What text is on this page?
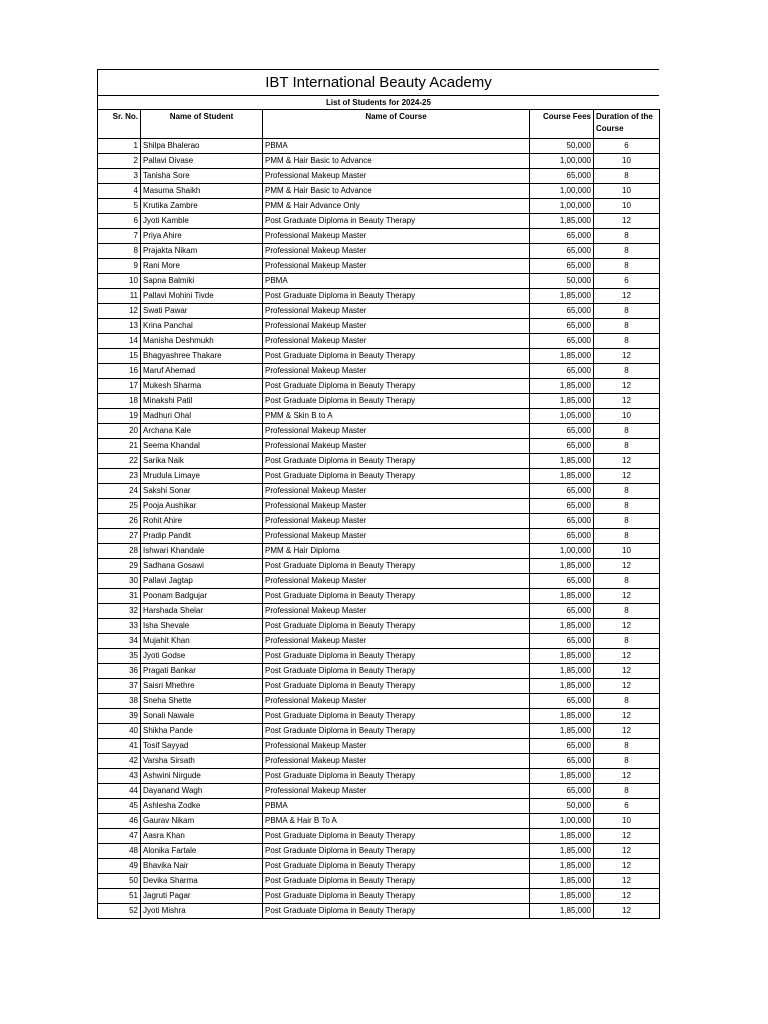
IBT International Beauty Academy
List of Students for 2024-25
Sr. No.	Name of Student	Name of Course	Course Fees	Duration of the Course
1	Shilpa Bhalerao	PBMA	50,000	6
2	Pallavi Divase	PMM & Hair Basic to Advance	1,00,000	10
3	Tanisha Sore	Professional Makeup Master	65,000	8
4	Masuma Shaikh	PMM & Hair Basic to Advance	1,00,000	10
5	Krutika Zambre	PMM & Hair Advance Only	1,00,000	10
6	Jyoti Kamble	Post Graduate Diploma in Beauty Therapy	1,85,000	12
7	Priya Ahire	Professional Makeup Master	65,000	8
8	Prajakta Nikam	Professional Makeup Master	65,000	8
9	Rani More	Professional Makeup Master	65,000	8
10	Sapna Balmiki	PBMA	50,000	6
11	Pallavi Mohini Tivde	Post Graduate Diploma in Beauty Therapy	1,85,000	12
12	Swati Pawar	Professional Makeup Master	65,000	8
13	Krina Panchal	Professional Makeup Master	65,000	8
14	Manisha Deshmukh	Professional Makeup Master	65,000	8
15	Bhagyashree Thakare	Post Graduate Diploma in Beauty Therapy	1,85,000	12
16	Maruf Ahemad	Professional Makeup Master	65,000	8
17	Mukesh Sharma	Post Graduate Diploma in Beauty Therapy	1,85,000	12
18	Minakshi Patil	Post Graduate Diploma in Beauty Therapy	1,85,000	12
19	Madhuri Ohal	PMM & Skin B to A	1,05,000	10
20	Archana Kale	Professional Makeup Master	65,000	8
21	Seema Khandal	Professional Makeup Master	65,000	8
22	Sarika Naik	Post Graduate Diploma in Beauty Therapy	1,85,000	12
23	Mrudula Limaye	Post Graduate Diploma in Beauty Therapy	1,85,000	12
24	Sakshi Sonar	Professional Makeup Master	65,000	8
25	Pooja Aushikar	Professional Makeup Master	65,000	8
26	Rohit Ahire	Professional Makeup Master	65,000	8
27	Pradip Pandit	Professional Makeup Master	65,000	8
28	Ishwari Khandale	PMM & Hair Diploma	1,00,000	10
29	Sadhana Gosawi	Post Graduate Diploma in Beauty Therapy	1,85,000	12
30	Pallavi Jagtap	Professional Makeup Master	65,000	8
31	Poonam Badgujar	Post Graduate Diploma in Beauty Therapy	1,85,000	12
32	Harshada Shelar	Professional Makeup Master	65,000	8
33	Isha Shevale	Post Graduate Diploma in Beauty Therapy	1,85,000	12
34	Mujahit Khan	Professional Makeup Master	65,000	8
35	Jyoti Godse	Post Graduate Diploma in Beauty Therapy	1,85,000	12
36	Pragati Bankar	Post Graduate Diploma in Beauty Therapy	1,85,000	12
37	Saisri Mhethre	Post Graduate Diploma in Beauty Therapy	1,85,000	12
38	Sneha Shette	Professional Makeup Master	65,000	8
39	Sonali Nawale	Post Graduate Diploma in Beauty Therapy	1,85,000	12
40	Shikha Pande	Post Graduate Diploma in Beauty Therapy	1,85,000	12
41	Tosif Sayyad	Professional Makeup Master	65,000	8
42	Varsha Sirsath	Professional Makeup Master	65,000	8
43	Ashwini Nirgude	Post Graduate Diploma in Beauty Therapy	1,85,000	12
44	Dayanand Wagh	Professional Makeup Master	65,000	8
45	Ashlesha Zodke	PBMA	50,000	6
46	Gaurav Nikam	PBMA & Hair B To A	1,00,000	10
47	Aasra Khan	Post Graduate Diploma in Beauty Therapy	1,85,000	12
48	Alonika Fartale	Post Graduate Diploma in Beauty Therapy	1,85,000	12
49	Bhavika Nair	Post Graduate Diploma in Beauty Therapy	1,85,000	12
50	Devika Sharma	Post Graduate Diploma in Beauty Therapy	1,85,000	12
51	Jagruti Pagar	Post Graduate Diploma in Beauty Therapy	1,85,000	12
52	Jyoti Mishra	Post Graduate Diploma in Beauty Therapy	1,85,000	12
